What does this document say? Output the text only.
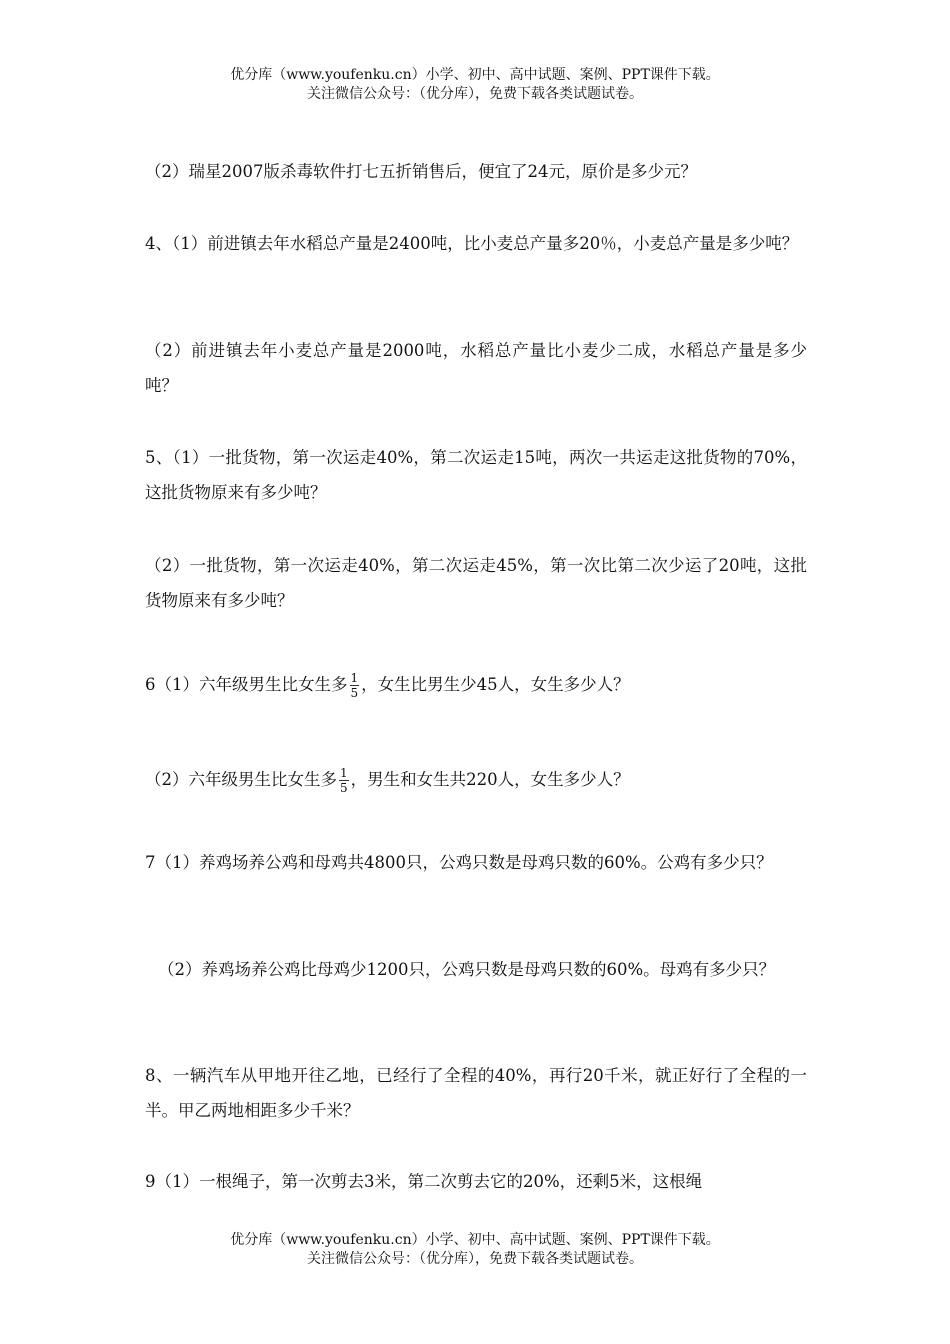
优分库（www.youfenku.cn）小学、初中、高中试题、案例、PPT课件下载。
关注微信公众号：（优分库），免费下载各类试题试卷。

（2）瑞星2007版杀毒软件打七五折销售后，便宜了24元，原价是多少元？

4、（1）前进镇去年水稻总产量是2400吨，比小麦总产量多20％，小麦总产量是多少吨？

（2）前进镇去年小麦总产量是2000吨，水稻总产量比小麦少二成，水稻总产量是多少吨？

5、（1）一批货物，第一次运走40%，第二次运走15吨，两次一共运走这批货物的70%，这批货物原来有多少吨？

（2）一批货物，第一次运走40%，第二次运走45%，第一次比第二次少运了20吨，这批货物原来有多少吨？

6（1）六年级男生比女生多 $\frac{1}{5}$ ，女生比男生少45人，女生多少人？

（2）六年级男生比女生多 $\frac{1}{5}$ ，男生和女生共220人，女生多少人？

7（1）养鸡场养公鸡和母鸡共4800只，公鸡只数是母鸡只数的60%。公鸡有多少只？

（2）养鸡场养公鸡比母鸡少1200只，公鸡只数是母鸡只数的60%。母鸡有多少只？

8、一辆汽车从甲地开往乙地，已经行了全程的40%，再行20千米，就正好行了全程的一半。甲乙两地相距多少千米？

9（1）一根绳子，第一次剪去3米，第二次剪去它的20%，还剩5米，这根绳

优分库（www.youfenku.cn）小学、初中、高中试题、案例、PPT课件下载。
关注微信公众号：（优分库），免费下载各类试题试卷。
